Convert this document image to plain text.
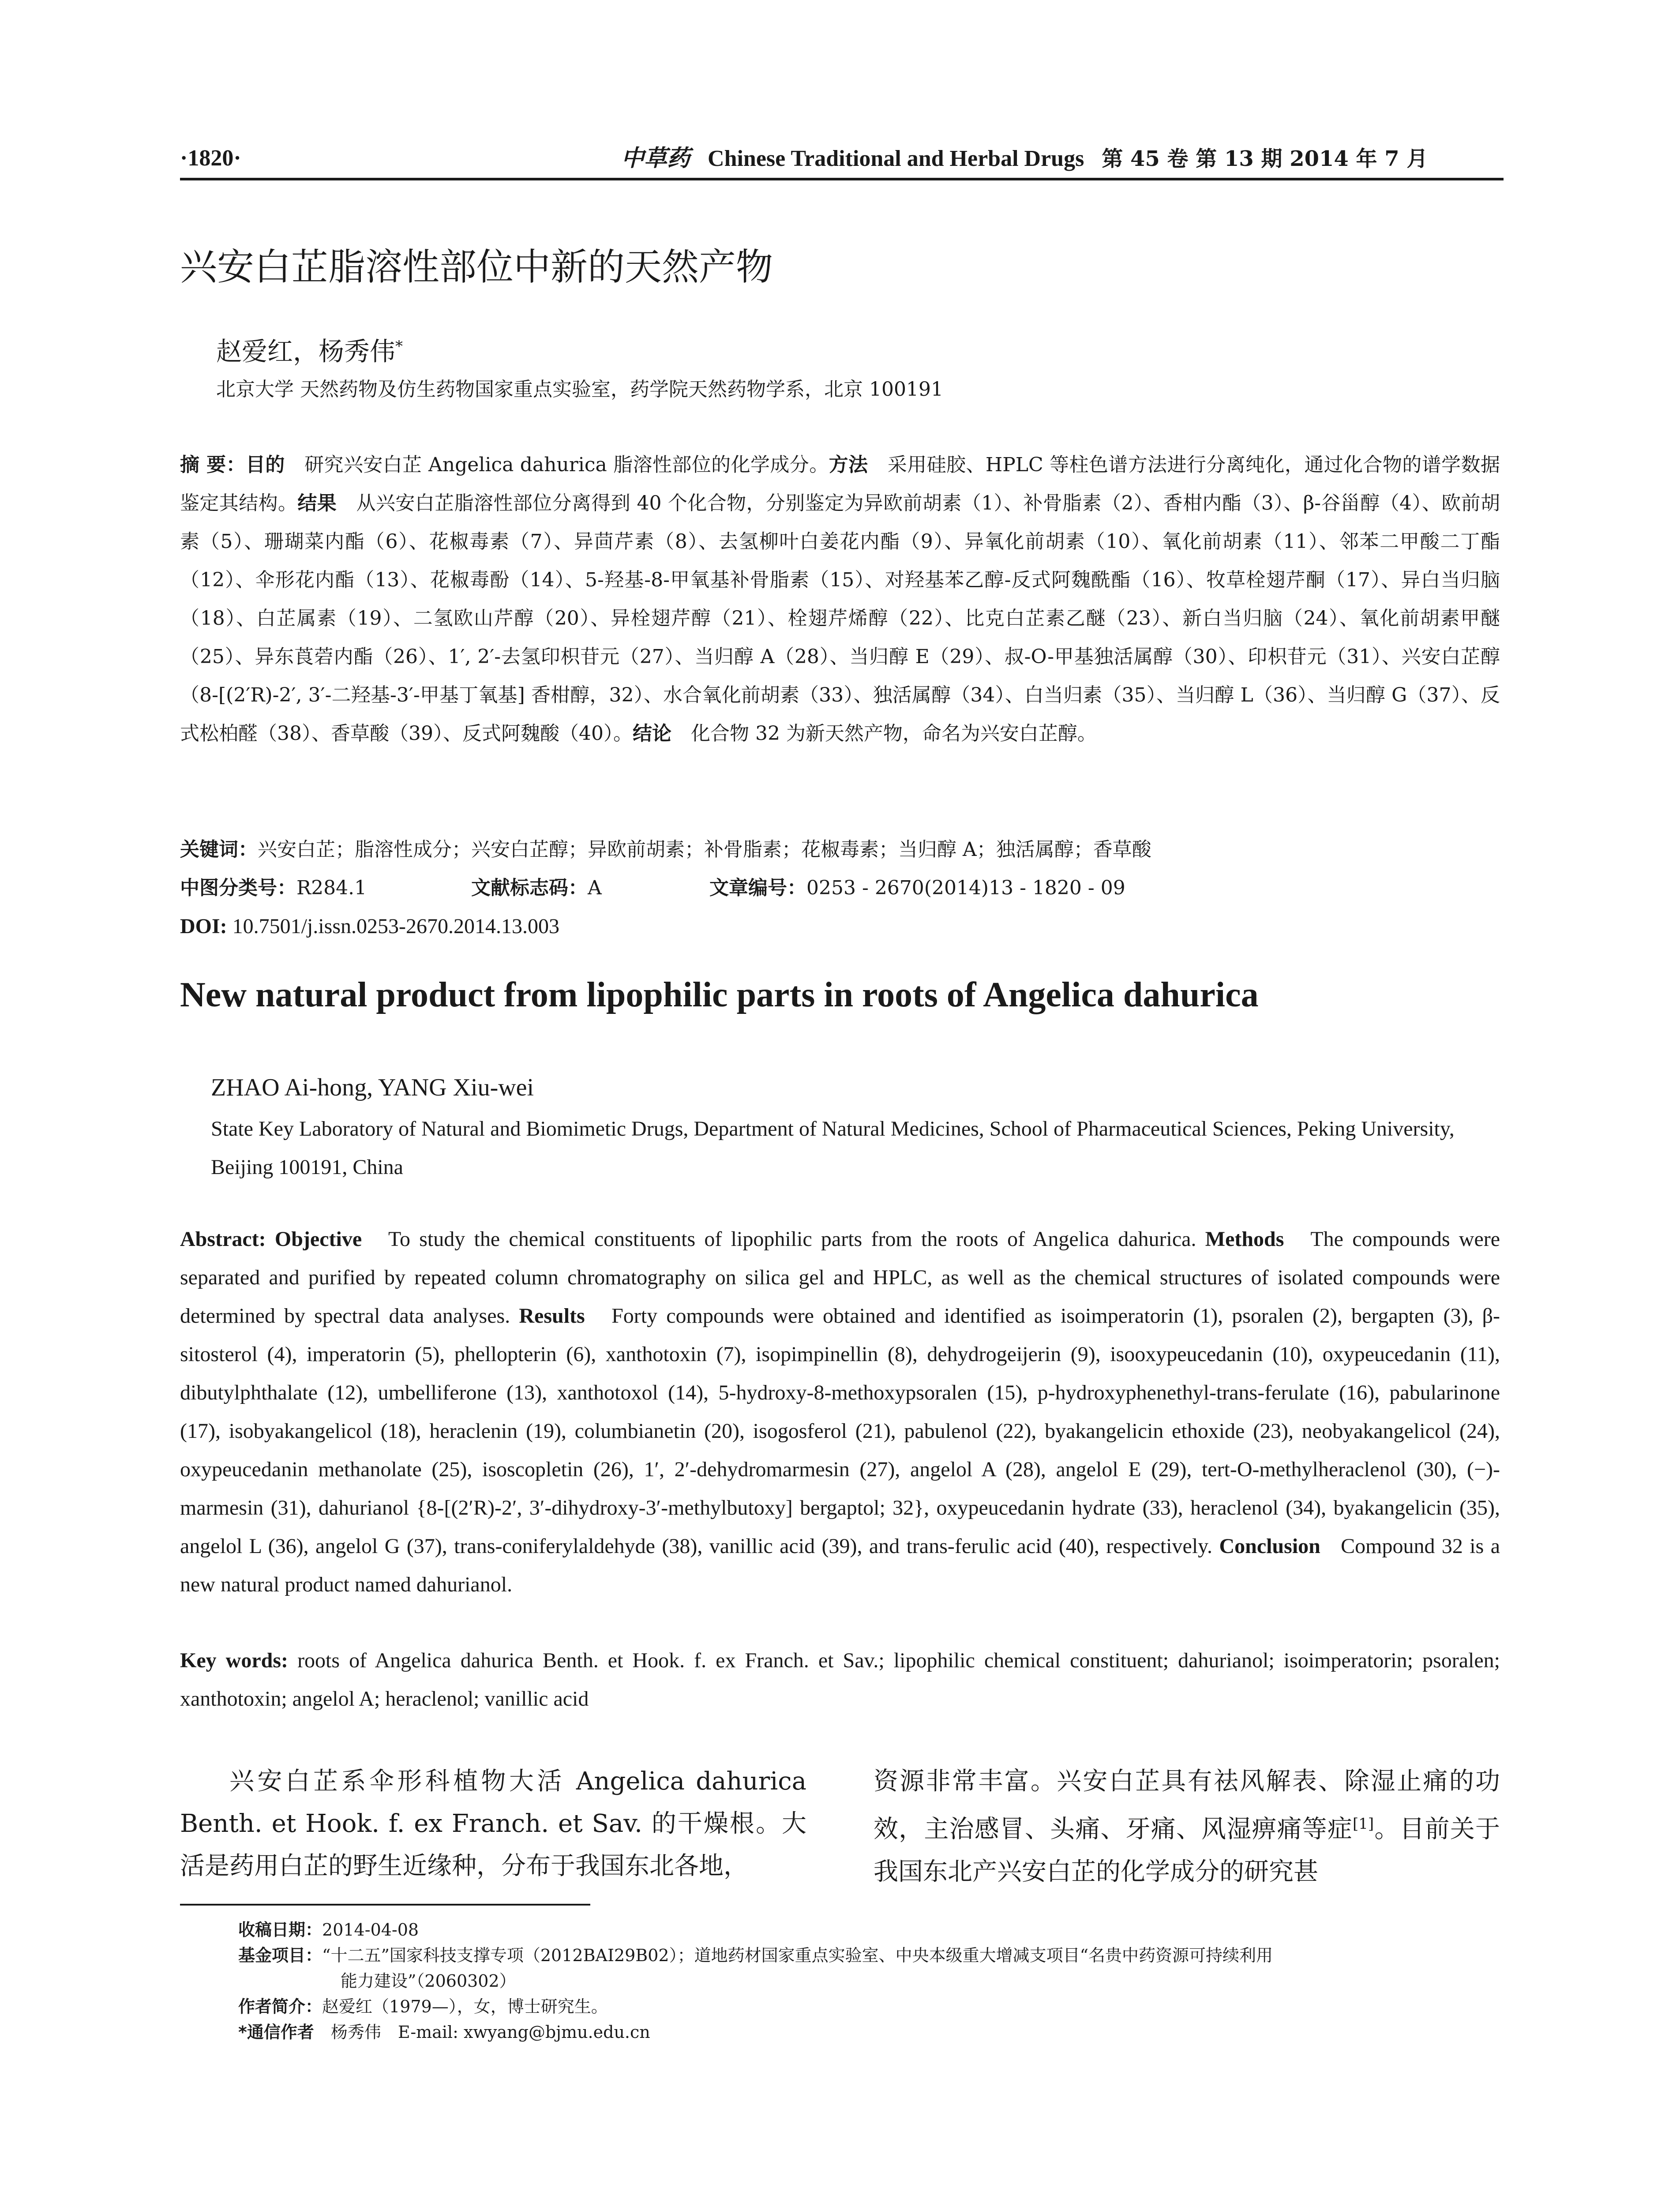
·1820·	中草药 Chinese Traditional and Herbal Drugs 第 45 卷 第 13 期 2014 年 7 月
兴安白芷脂溶性部位中新的天然产物
赵爱红，杨秀伟*
北京大学 天然药物及仿生药物国家重点实验室，药学院天然药物学系，北京 100191
摘 要：目的　 研究兴安白芷 Angelica dahurica 脂溶性部位的化学成分。方法　 采用硅胶、HPLC 等柱色谱方法进行分离纯化，通过化合物的谱学数据鉴定其结构。结果　 从兴安白芷脂溶性部位分离得到 40 个化合物，分别鉴定为异欧前胡素（1）、补骨脂素（2）、香柑内酯（3）、β-谷甾醇（4）、欧前胡素（5）、珊瑚菜内酯（6）、花椒毒素（7）、异茴芹素（8）、去氢柳叶白姜花内酯（9）、异氧化前胡素（10）、氧化前胡素（11）、邻苯二甲酸二丁酯（12）、伞形花内酯（13）、花椒毒酚（14）、5-羟基-8-甲氧基补骨脂素（15）、对羟基苯乙醇-反式阿魏酰酯（16）、牧草栓翅芹酮（17）、异白当归脑（18）、白芷属素（19）、二氢欧山芹醇（20）、异栓翅芹醇（21）、栓翅芹烯醇（22）、比克白芷素乙醚（23）、新白当归脑（24）、氧化前胡素甲醚（25）、异东莨菪内酯（26）、1′, 2′-去氢印枳苷元（27）、当归醇 A（28）、当归醇 E（29）、叔-O-甲基独活属醇（30）、印枳苷元（31）、兴安白芷醇（8-[(2′R)-2′, 3′-二羟基-3′-甲基丁氧基] 香柑醇，32）、水合氧化前胡素（33）、独活属醇（34）、白当归素（35）、当归醇 L（36）、当归醇 G（37）、反式松柏醛（38）、香草酸（39）、反式阿魏酸（40）。结论　 化合物 32 为新天然产物，命名为兴安白芷醇。
关键词：兴安白芷；脂溶性成分；兴安白芷醇；异欧前胡素；补骨脂素；花椒毒素；当归醇 A；独活属醇；香草酸
中图分类号：R284.1	文献标志码：A	文章编号：0253 - 2670(2014)13 - 1820 - 09
DOI: 10.7501/j.issn.0253-2670.2014.13.003
New natural product from lipophilic parts in roots of Angelica dahurica
ZHAO Ai-hong, YANG Xiu-wei
State Key Laboratory of Natural and Biomimetic Drugs, Department of Natural Medicines, School of Pharmaceutical Sciences, Peking University, Beijing 100191, China
Abstract: Objective To study the chemical constituents of lipophilic parts from the roots of Angelica dahurica. Methods The compounds were separated and purified by repeated column chromatography on silica gel and HPLC, as well as the chemical structures of isolated compounds were determined by spectral data analyses. Results Forty compounds were obtained and identified as isoimperatorin (1), psoralen (2), bergapten (3), β-sitosterol (4), imperatorin (5), phellopterin (6), xanthotoxin (7), isopimpinellin (8), dehydrogeijerin (9), isooxypeucedanin (10), oxypeucedanin (11), dibutylphthalate (12), umbelliferone (13), xanthotoxol (14), 5-hydroxy-8-methoxypsoralen (15), p-hydroxyphenethyl-trans-ferulate (16), pabularinone (17), isobyakangelicol (18), heraclenin (19), columbianetin (20), isogosferol (21), pabulenol (22), byakangelicin ethoxide (23), neobyakangelicol (24), oxypeucedanin methanolate (25), isoscopletin (26), 1′, 2′-dehydromarmesin (27), angelol A (28), angelol E (29), tert-O-methylheraclenol (30), (−)-marmesin (31), dahurianol {8-[(2′R)-2′, 3′-dihydroxy-3′-methylbutoxy] bergaptol; 32}, oxypeucedanin hydrate (33), heraclenol (34), byakangelicin (35), angelol L (36), angelol G (37), trans-coniferylaldehyde (38), vanillic acid (39), and trans-ferulic acid (40), respectively. Conclusion Compound 32 is a new natural product named dahurianol.
Key words: roots of Angelica dahurica Benth. et Hook. f. ex Franch. et Sav.; lipophilic chemical constituent; dahurianol; isoimperatorin; psoralen; xanthotoxin; angelol A; heraclenol; vanillic acid
兴安白芷系伞形科植物大活 Angelica dahurica Benth. et Hook. f. ex Franch. et Sav. 的干燥根。大活是药用白芷的野生近缘种，分布于我国东北各地，
资源非常丰富。兴安白芷具有祛风解表、除湿止痛的功效，主治感冒、头痛、牙痛、风湿痹痛等症[1]。目前关于我国东北产兴安白芷的化学成分的研究甚
收稿日期：2014-04-08
基金项目：“十二五”国家科技支撑专项（2012BAI29B02）；道地药材国家重点实验室、中央本级重大增减支项目“名贵中药资源可持续利用
能力建设”（2060302）
作者简介：赵爱红（1979—），女，博士研究生。
*通信作者　 杨秀伟　E-mail: xwyang@bjmu.edu.cn
